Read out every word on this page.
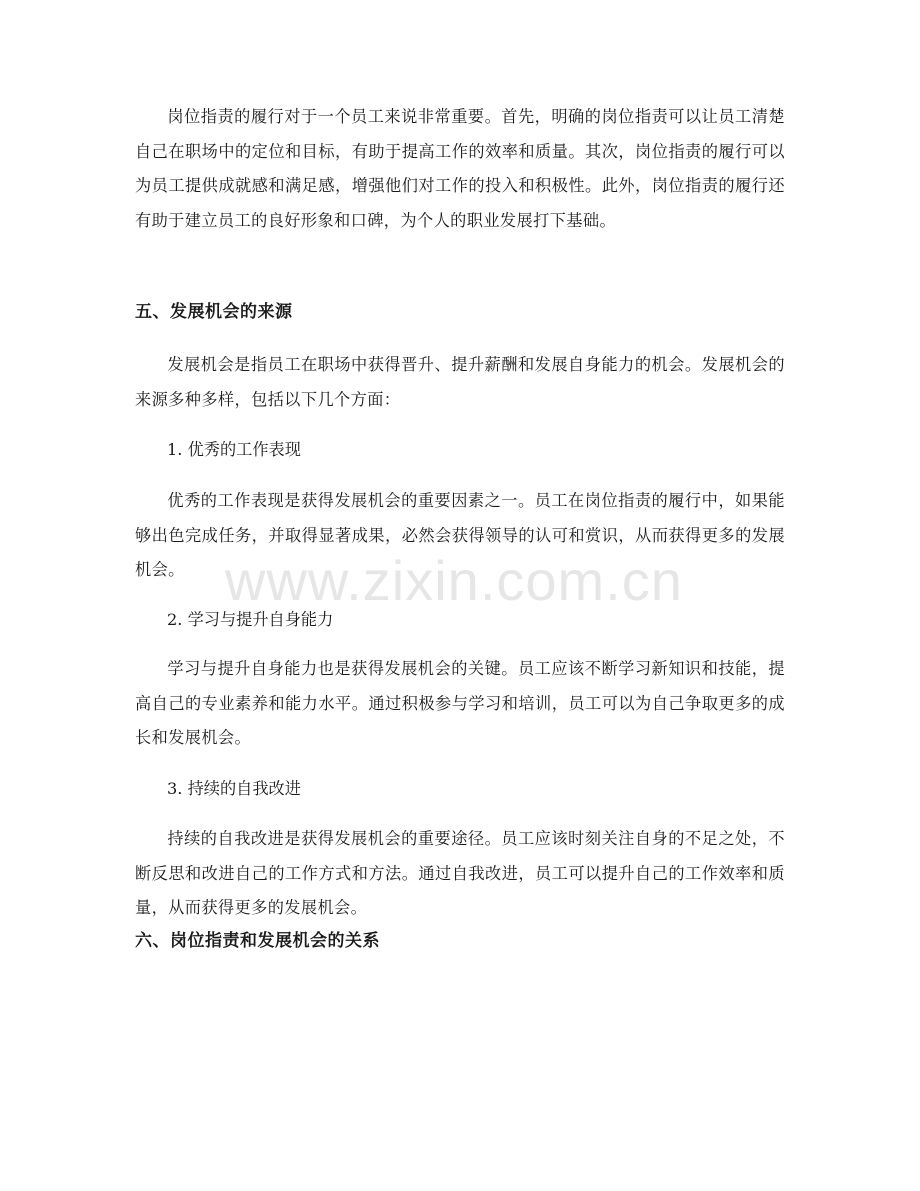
岗位指责的履行对于一个员工来说非常重要。首先，明确的岗位指责可以让员工清楚自己在职场中的定位和目标，有助于提高工作的效率和质量。其次，岗位指责的履行可以为员工提供成就感和满足感，增强他们对工作的投入和积极性。此外，岗位指责的履行还有助于建立员工的良好形象和口碑，为个人的职业发展打下基础。

五、发展机会的来源

发展机会是指员工在职场中获得晋升、提升薪酬和发展自身能力的机会。发展机会的来源多种多样，包括以下几个方面：

1. 优秀的工作表现

优秀的工作表现是获得发展机会的重要因素之一。员工在岗位指责的履行中，如果能够出色完成任务，并取得显著成果，必然会获得领导的认可和赏识，从而获得更多的发展机会。

2. 学习与提升自身能力

学习与提升自身能力也是获得发展机会的关键。员工应该不断学习新知识和技能，提高自己的专业素养和能力水平。通过积极参与学习和培训，员工可以为自己争取更多的成长和发展机会。

3. 持续的自我改进

持续的自我改进是获得发展机会的重要途径。员工应该时刻关注自身的不足之处，不断反思和改进自己的工作方式和方法。通过自我改进，员工可以提升自己的工作效率和质量，从而获得更多的发展机会。

六、岗位指责和发展机会的关系
www.zixin.com.cn
